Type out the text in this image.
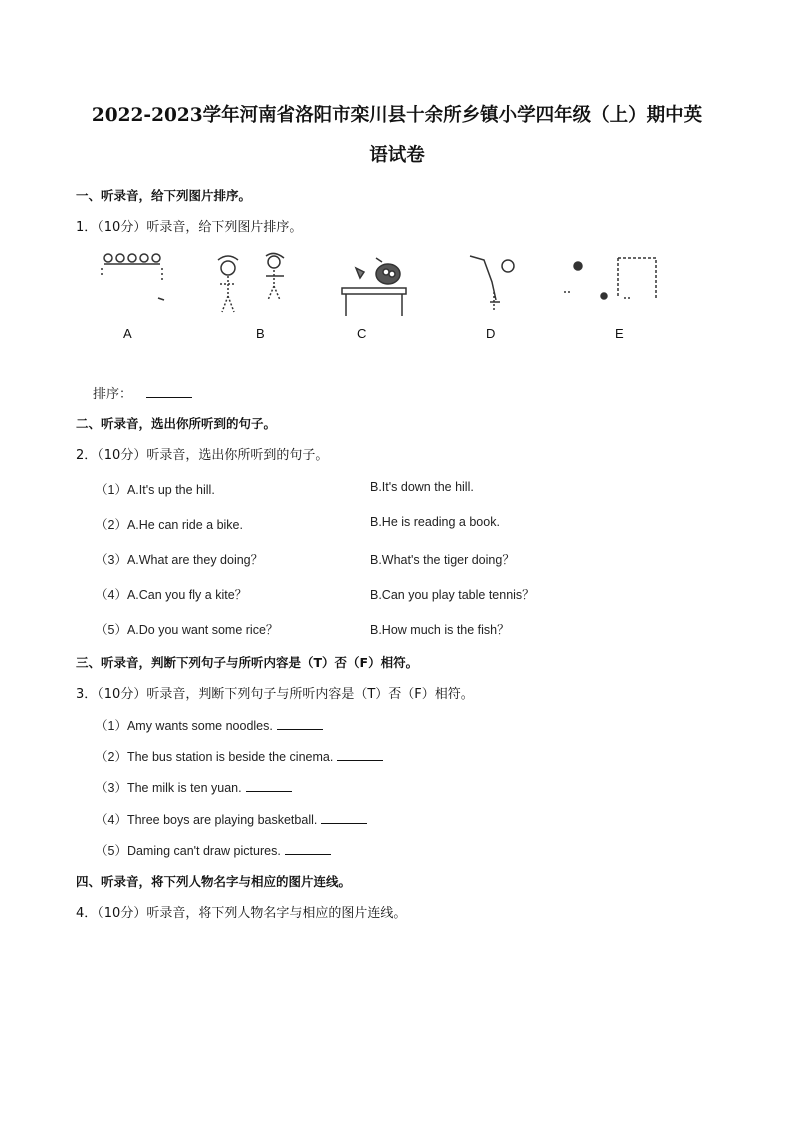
2022-2023学年河南省洛阳市栾川县十余所乡镇小学四年级（上）期中英
语试卷
一、听录音，给下列图片排序。
1．（10分）听录音，给下列图片排序。
A	B	C	D	E
排序：
二、听录音，选出你所听到的句子。
2．（10分）听录音，选出你所听到的句子。
（1）A.It's up the hill.	B.It's down the hill.
（2）A.He can ride a bike.	B.He is reading a book.
（3）A.What are they doing？	B.What's the tiger doing？
（4）A.Can you fly a kite？	B.Can you play table tennis？
（5）A.Do you want some rice？	B.How much is the fish？
三、听录音，判断下列句子与所听内容是（T）否（F）相符。
3．（10分）听录音，判断下列句子与所听内容是（T）否（F）相符。
（1）Amy wants some noodles.
（2）The bus station is beside the cinema.
（3）The milk is ten yuan.
（4）Three boys are playing basketball.
（5）Daming can't draw pictures.
四、听录音，将下列人物名字与相应的图片连线。
4．（10分）听录音，将下列人物名字与相应的图片连线。
